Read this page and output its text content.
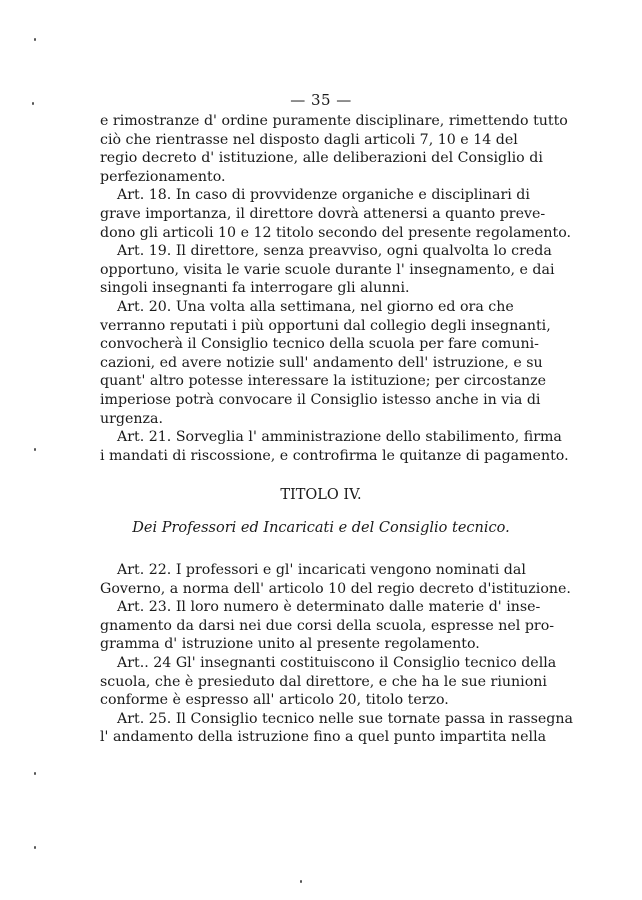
— 35 —
e rimostranze d' ordine puramente disciplinare, rimettendo tutto
ciò che rientrasse nel disposto dagli articoli 7, 10 e 14 del
regio decreto d' istituzione, alle deliberazioni del Consiglio di
perfezionamento.
Art. 18. In caso di provvidenze organiche e disciplinari di
grave importanza, il direttore dovrà attenersi a quanto preve-
dono gli articoli 10 e 12 titolo secondo del presente regolamento.
Art. 19. Il direttore, senza preavviso, ogni qualvolta lo creda
opportuno, visita le varie scuole durante l' insegnamento, e dai
singoli insegnanti fa interrogare gli alunni.
Art. 20. Una volta alla settimana, nel giorno ed ora che
verranno reputati i più opportuni dal collegio degli insegnanti,
convocherà il Consiglio tecnico della scuola per fare comuni-
cazioni, ed avere notizie sull' andamento dell' istruzione, e su
quant' altro potesse interessare la istituzione; per circostanze
imperiose potrà convocare il Consiglio istesso anche in via di
urgenza.
Art. 21. Sorveglia l' amministrazione dello stabilimento, firma
i mandati di riscossione, e controfirma le quitanze di pagamento.
TITOLO IV.
Dei Professori ed Incaricati e del Consiglio tecnico.
Art. 22. I professori e gl' incaricati vengono nominati dal
Governo, a norma dell' articolo 10 del regio decreto d'istituzione.
Art. 23. Il loro numero è determinato dalle materie d' inse-
gnamento da darsi nei due corsi della scuola, espresse nel pro-
gramma d' istruzione unito al presente regolamento.
Art.. 24 Gl' insegnanti costituiscono il Consiglio tecnico della
scuola, che è presieduto dal direttore, e che ha le sue riunioni
conforme è espresso all' articolo 20, titolo terzo.
Art. 25. Il Consiglio tecnico nelle sue tornate passa in rassegna
l' andamento della istruzione fino a quel punto impartita nella
